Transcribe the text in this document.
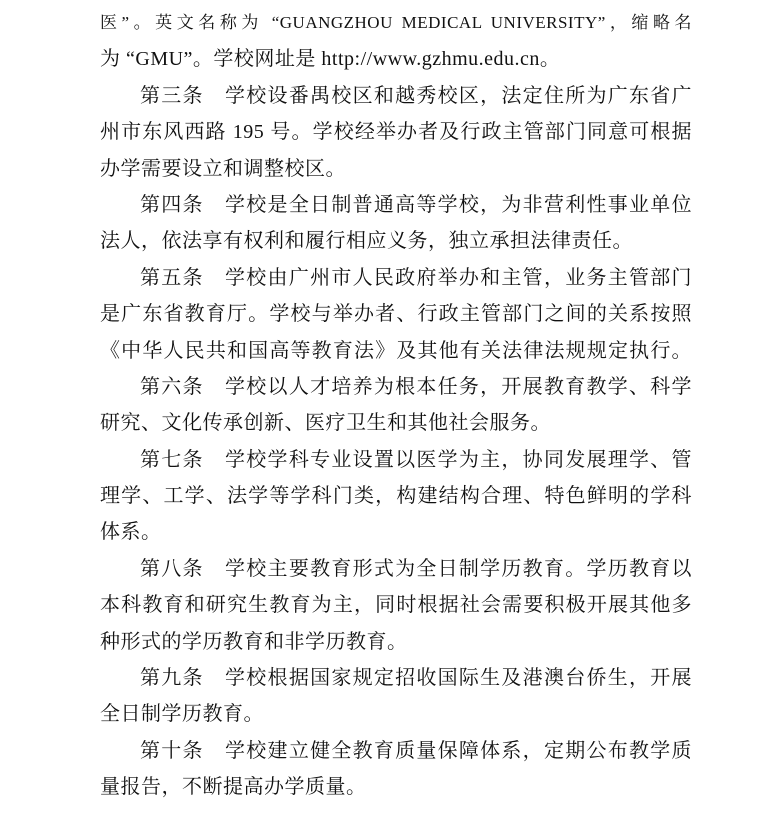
医”。英文名称为 “GUANGZHOU MEDICAL UNIVERSITY”，缩略名
为 “GMU”。学校网址是 http://www.gzhmu.edu.cn。
第三条　学校设番禺校区和越秀校区，法定住所为广东省广
州市东风西路 195 号。学校经举办者及行政主管部门同意可根据
办学需要设立和调整校区。
第四条　学校是全日制普通高等学校，为非营利性事业单位
法人，依法享有权利和履行相应义务，独立承担法律责任。
第五条　学校由广州市人民政府举办和主管，业务主管部门
是广东省教育厅。学校与举办者、行政主管部门之间的关系按照
《中华人民共和国高等教育法》及其他有关法律法规规定执行。
第六条　学校以人才培养为根本任务，开展教育教学、科学
研究、文化传承创新、医疗卫生和其他社会服务。
第七条　学校学科专业设置以医学为主，协同发展理学、管
理学、工学、法学等学科门类，构建结构合理、特色鲜明的学科
体系。
第八条　学校主要教育形式为全日制学历教育。学历教育以
本科教育和研究生教育为主，同时根据社会需要积极开展其他多
种形式的学历教育和非学历教育。
第九条　学校根据国家规定招收国际生及港澳台侨生，开展
全日制学历教育。
第十条　学校建立健全教育质量保障体系，定期公布教学质
量报告，不断提高办学质量。
